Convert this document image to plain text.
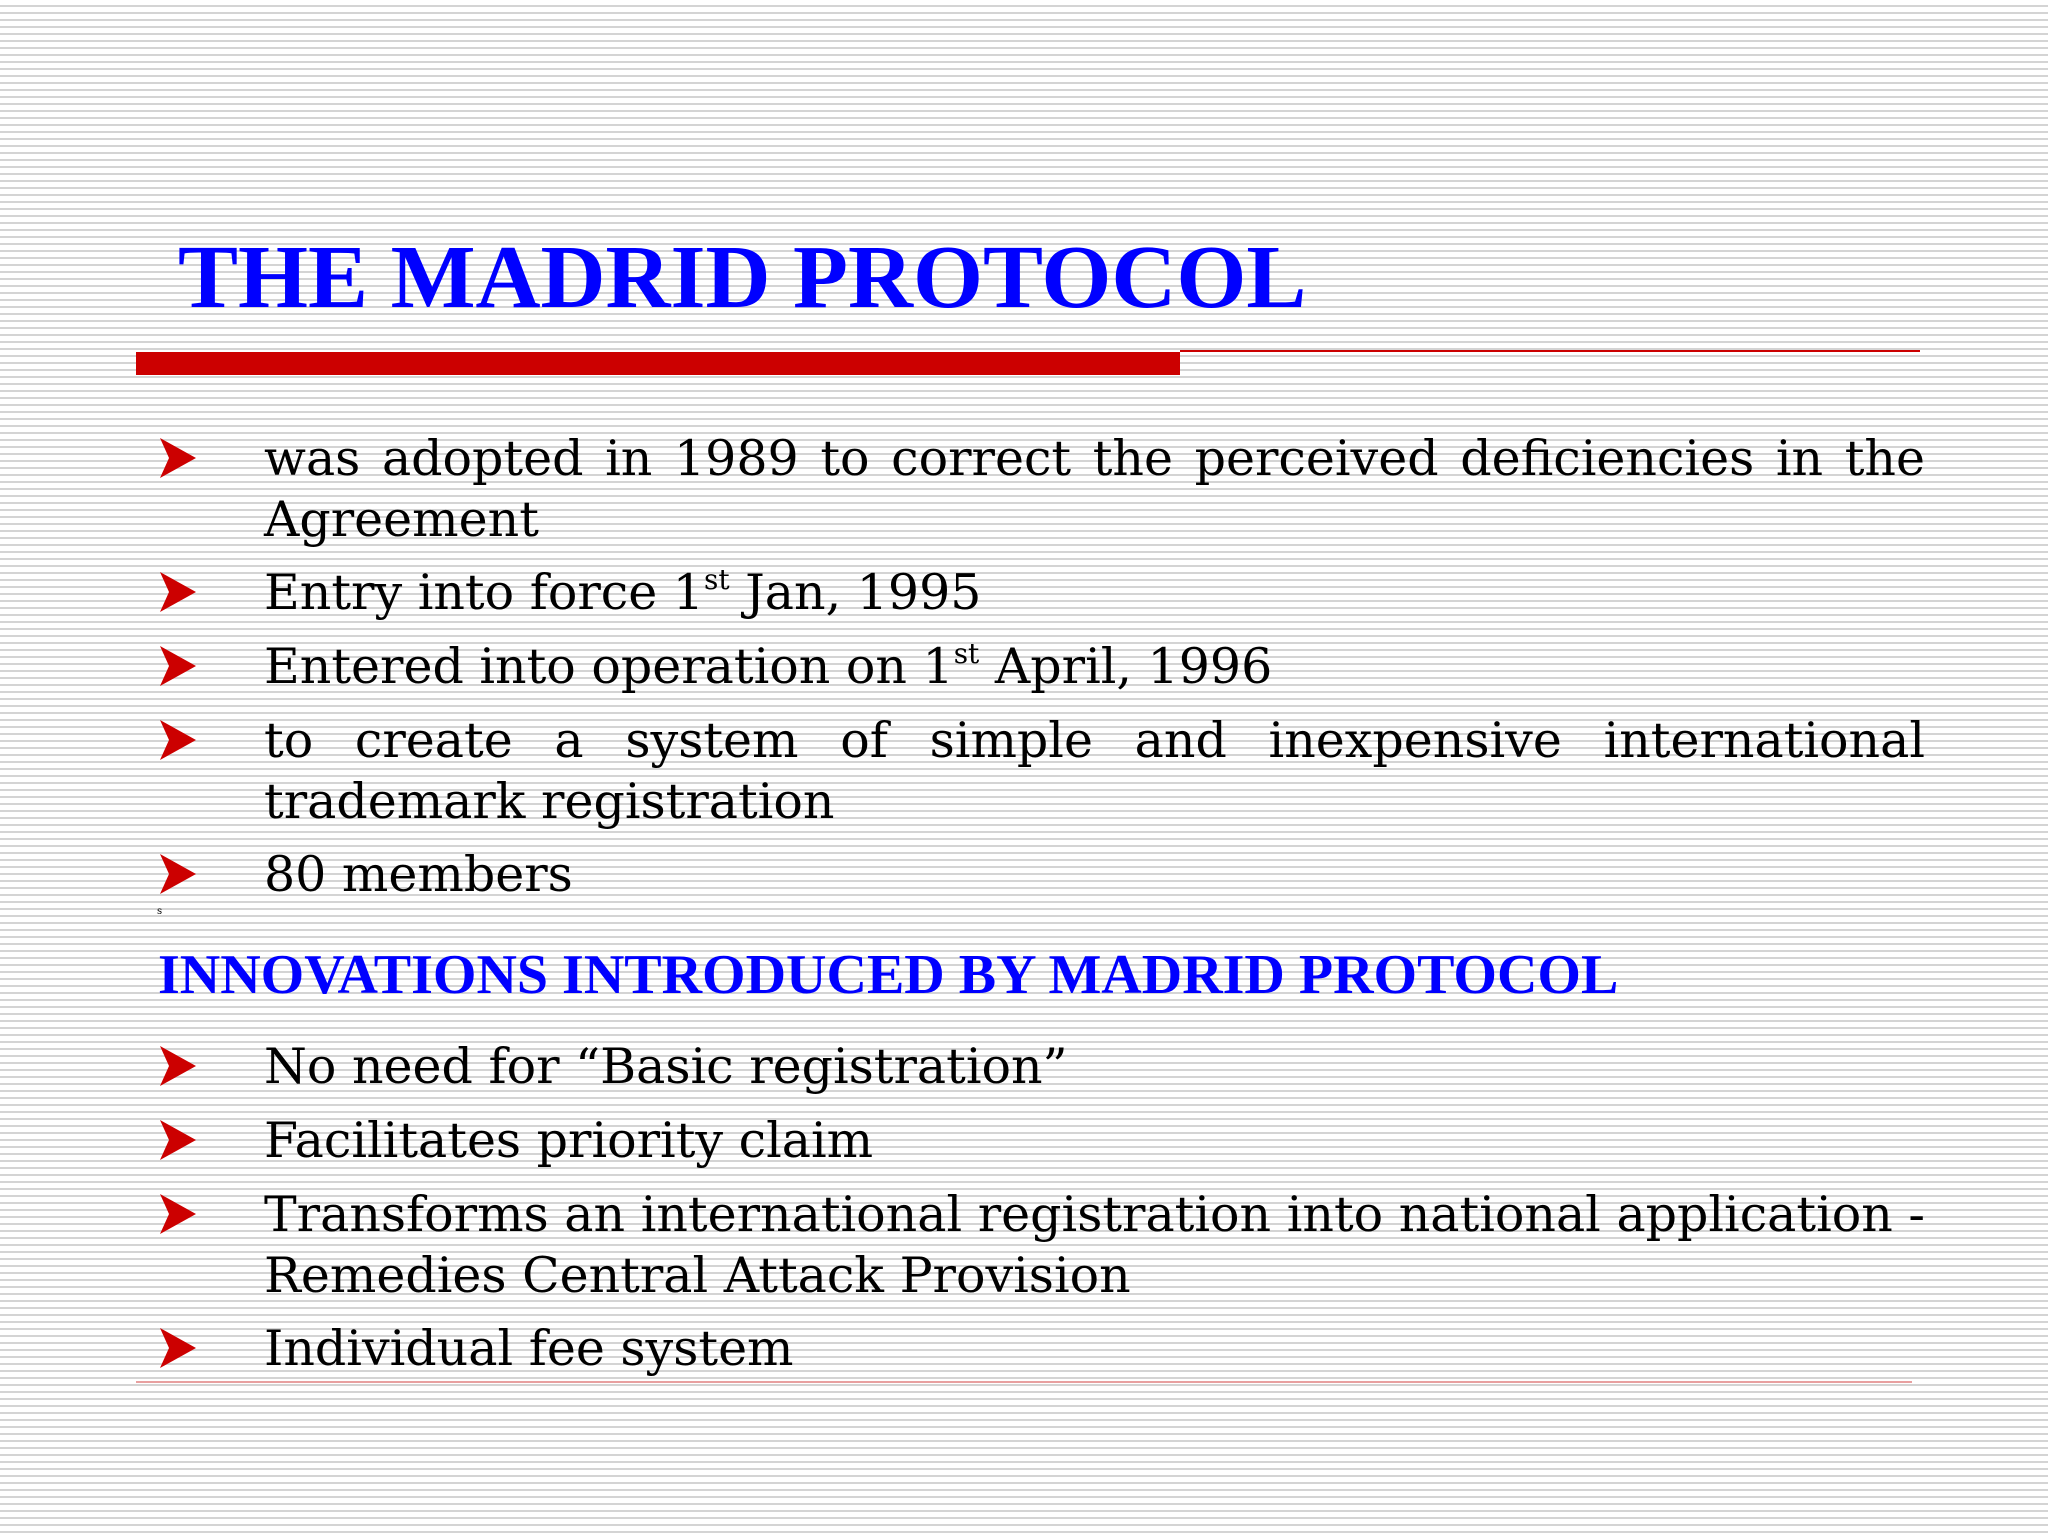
THE MADRID PROTOCOL
was adopted in 1989 to correct the perceived deficiencies in the Agreement
Entry into force 1st Jan, 1995
Entered into operation on 1st April, 1996
to create a system of simple and inexpensive international trademark registration
80 members
s
INNOVATIONS INTRODUCED BY MADRID PROTOCOL
No need for “Basic registration”
Facilitates priority claim
Transforms an international registration into national application - Remedies Central Attack Provision
Individual fee system
